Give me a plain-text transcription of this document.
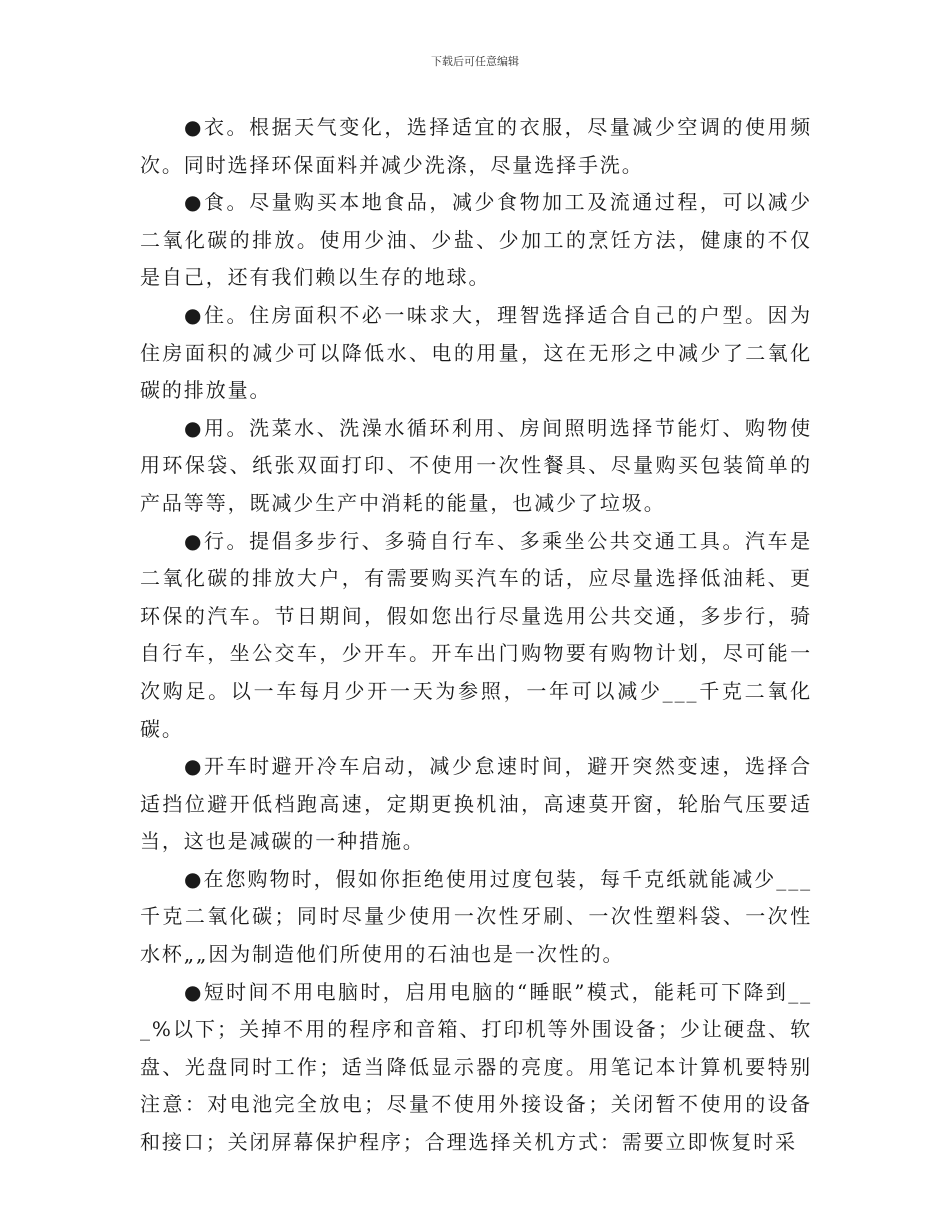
下载后可任意编辑

●衣。根据天气变化，选择适宜的衣服，尽量减少空调的使用频次。同时选择环保面料并减少洗涤，尽量选择手洗。

●食。尽量购买本地食品，减少食物加工及流通过程，可以减少二氧化碳的排放。使用少油、少盐、少加工的烹饪方法，健康的不仅是自己，还有我们赖以生存的地球。

●住。住房面积不必一味求大，理智选择适合自己的户型。因为住房面积的减少可以降低水、电的用量，这在无形之中减少了二氧化碳的排放量。

●用。洗菜水、洗澡水循环利用、房间照明选择节能灯、购物使用环保袋、纸张双面打印、不使用一次性餐具、尽量购买包装简单的产品等等，既减少生产中消耗的能量，也减少了垃圾。

●行。提倡多步行、多骑自行车、多乘坐公共交通工具。汽车是二氧化碳的排放大户，有需要购买汽车的话，应尽量选择低油耗、更环保的汽车。节日期间，假如您出行尽量选用公共交通，多步行，骑自行车，坐公交车，少开车。开车出门购物要有购物计划，尽可能一次购足。以一车每月少开一天为参照，一年可以减少___千克二氧化碳。

●开车时避开冷车启动，减少怠速时间，避开突然变速，选择合适挡位避开低档跑高速，定期更换机油，高速莫开窗，轮胎气压要适当，这也是减碳的一种措施。

●在您购物时，假如你拒绝使用过度包装，每千克纸就能减少___千克二氧化碳；同时尽量少使用一次性牙刷、一次性塑料袋、一次性水杯„„因为制造他们所使用的石油也是一次性的。

●短时间不用电脑时，启用电脑的“睡眠”模式，能耗可下降到___%以下；关掉不用的程序和音箱、打印机等外围设备；少让硬盘、软盘、光盘同时工作；适当降低显示器的亮度。用笔记本计算机要特别注意：对电池完全放电；尽量不使用外接设备；关闭暂不使用的设备和接口；关闭屏幕保护程序；合理选择关机方式：需要立即恢复时采
